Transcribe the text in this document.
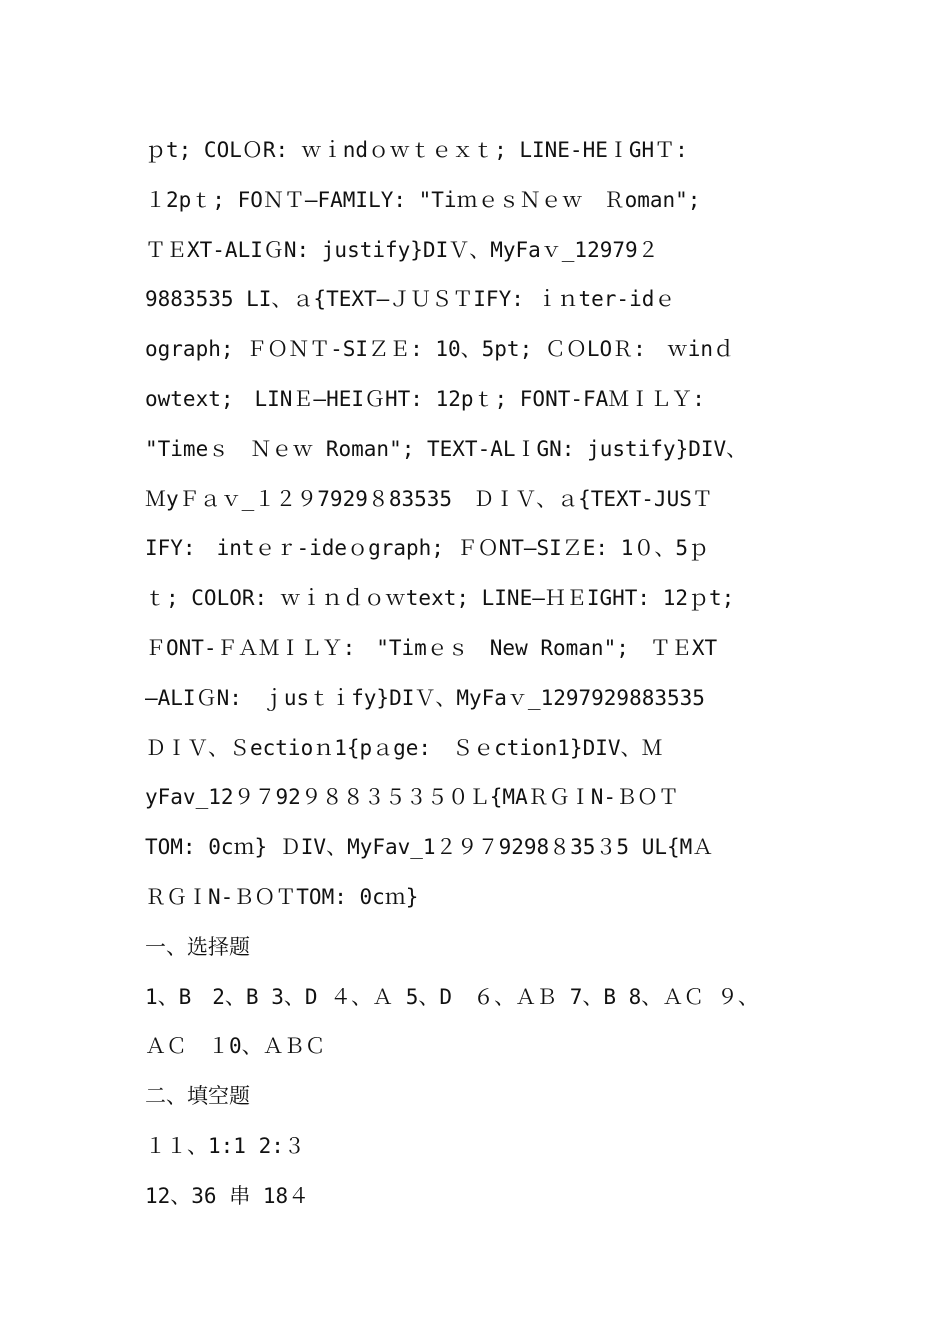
ｐt; COLＯR: ｗｉndｏｗｔｅｘｔ; LINE-HEＩGHＴ:
１2pｔ; FOＮＴ—FAMILY: "TiｍｅｓＮｅｗ　Ｒoman";
ＴＥXT-ALIＧN: justify}DIＶ、MyFaｖ_12979２
9883535 LI、ａ{TEXT—ＪＵＳＴIFY: ｉｎter-idｅ
ograph; ＦＯＮＴ-SIＺＥ: 10、5pt; ＣＯLOＲ:　ｗinｄ
owtext;　LINＥ—HEIＧHT: 12pｔ; FONT-FAＭＩＬＹ:
"Timeｓ　Ｎｅｗ Roman"; TEXT-ALＩGN: justify}DIV、
ＭyＦａｖ_１２９7929８83535　ＤＩＶ、ａ{TEXT-JUSＴ
IFY:　intｅｒ-ideｏgraph; ＦＯNT—SIＺE: 1０、5ｐ
ｔ; COLOR: ｗｉｎｄｏｗtext; LINE—ＨＥIGHT: 12ｐt;
ＦONT-ＦＡＭＩＬＹ:　"Timｅｓ　New Roman";　ＴＥXT
—ALIＧN:　ｊusｔｉfy}DIＶ、MyFaｖ_1297929883535
ＤＩＶ、Ｓectioｎ1{pａge:　Ｓｅction1}DIV、Ｍ
yFav_12９７92９８８３５３５０Ｌ{MAＲＧＩN-ＢＯＴ
TOM: 0cｍ} ＤIV、MyFav_1２９７9298８35３5 UL{MＡ
ＲＧＩN-ＢＯＴTOM: 0cｍ}
一、选择题
1、B　2、B 3、D ４、Ａ 5、D　６、ＡＢ 7、B 8、ＡＣ ９、
ＡＣ　１0、ＡＢＣ
二、填空题
１１、1:1 2:３
12、36 串 18４
